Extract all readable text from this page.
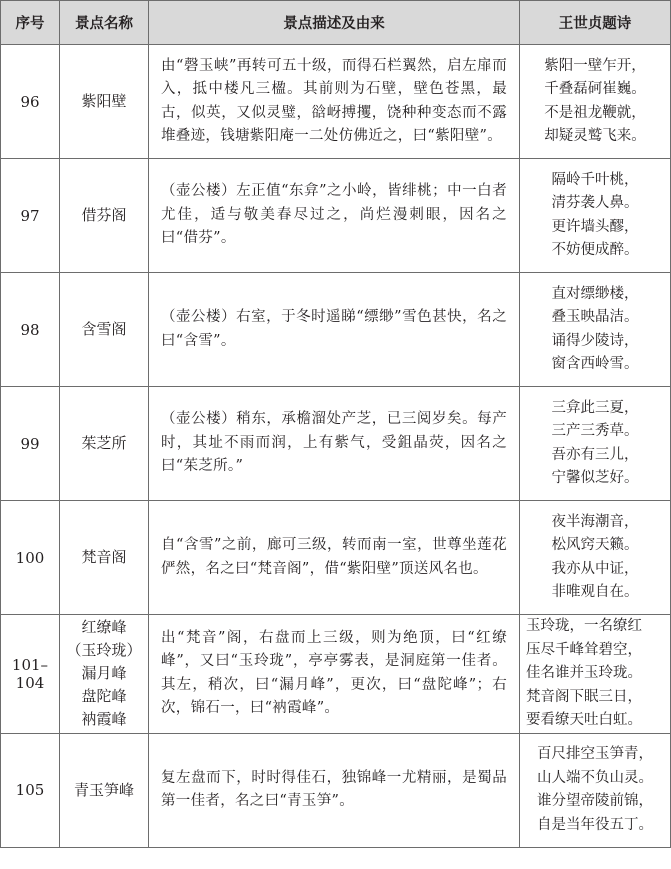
序号	景点名称	景点描述及由来	王世贞题诗
96	紫阳壁	由“磬玉峡”再转可五十级，而得石栏翼然，启左扉而入，抵中楼凡三楹。其前则为石壁，壁色苍黑，最古，似英，又似灵璧，谽岈搏攫，饶种种变态而不露堆叠迹，钱塘紫阳庵一二处仿佛近之，曰“紫阳壁”。	紫阳一壁乍开，
千叠磊砢崔巍。
不是祖龙鞭就，
却疑灵鹫飞来。

97	借芬阁	（壶公楼）左正值“东弇”之小岭，皆绯桃；中一白者尤佳，适与敬美春尽过之，尚烂漫刺眼，因名之曰“借芬”。	隔岭千叶桃，
清芬袭人鼻。
更许墙头醪，
不妨便成醉。

98	含雪阁	（壶公楼）右室，于冬时遥睇“缥缈”雪色甚快，名之曰“含雪”。	直对缥缈楼，
叠玉映晶洁。
诵得少陵诗，
窗含西岭雪。

99	茱芝所	（壶公楼）稍东，承檐溜处产芝，已三阅岁矣。每产时，其址不雨而润，上有紫气，受鉏晶荧，因名之曰“茱芝所。”	三弇此三夏，
三产三秀草。
吾亦有三儿，
宁馨似芝好。

100	梵音阁	自“含雪”之前，廊可三级，转而南一室，世尊坐莲花俨然，名之曰“梵音阁”，借“紫阳壁”顶送风名也。	夜半海潮音，
松风窍天籁。
我亦从中证，
非唯观自在。

101–104	红缭峰
（玉玲珑）
漏月峰
盘陀峰
衲霞峰	出“梵音”阁，右盘而上三级，则为绝顶，曰“红缭峰”，又曰“玉玲珑”，亭亭雾表，是洞庭第一佳者。其左，稍次，曰“漏月峰”，更次，曰“盘陀峰”；右次，锦石一，曰“衲霞峰”。	玉玲珑，一名缭红
压尽千峰耸碧空，
佳名谁并玉玲珑。
梵音阁下眠三日，
要看缭天吐白虹。

105	青玉笋峰	复左盘而下，时时得佳石，独锦峰一尤精丽，是蜀品第一佳者，名之曰“青玉笋”。	百尺排空玉笋青，
山人端不负山灵。
谁分望帝陵前锦，
自是当年役五丁。
